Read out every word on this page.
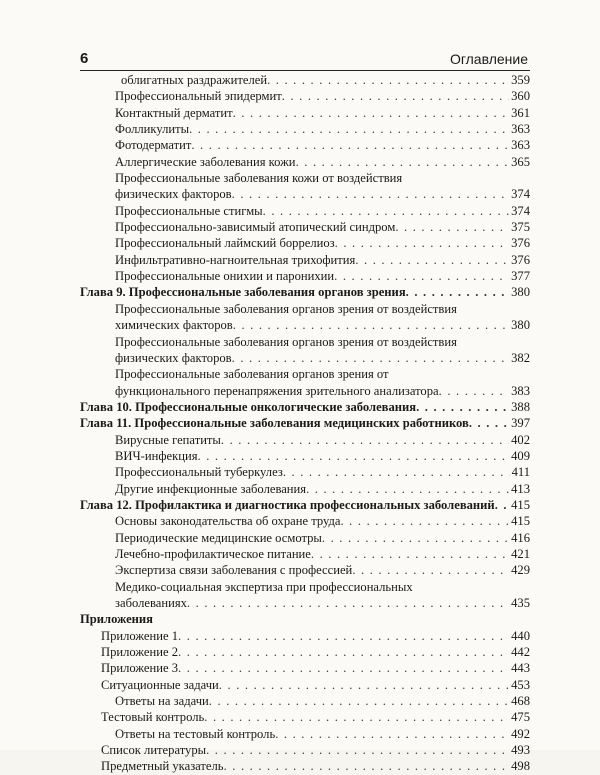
6	Оглавление
облигатных раздражителей . . .	359
Профессиональный эпидермит . . .	360
Контактный дерматит . . .	361
Фолликулиты . . .	363
Фотодерматит . . .	363
Аллергические заболевания кожи . . .	365
Профессиональные заболевания кожи от воздействия
физических факторов . . .	374
Профессиональные стигмы . . .	374
Профессионально-зависимый атопический синдром . . .	375
Профессиональный лаймский боррелиоз . . .	376
Инфильтративно-нагноительная трихофития . . .	376
Профессиональные онихии и паронихии . . .	377
Глава 9. Профессиональные заболевания органов зрения . . .	380
Профессиональные заболевания органов зрения от воздействия
химических факторов . . .	380
Профессиональные заболевания органов зрения от воздействия
физических факторов . . .	382
Профессиональные заболевания органов зрения от
функционального перенапряжения зрительного анализатора . . .	383
Глава 10. Профессиональные онкологические заболевания . . .	388
Глава 11. Профессиональные заболевания медицинских работников . . .	397
Вирусные гепатиты . . .	402
ВИЧ-инфекция . . .	409
Профессиональный туберкулез . . .	411
Другие инфекционные заболевания . . .	413
Глава 12. Профилактика и диагностика профессиональных заболеваний . . . 415
Основы законодательства об охране труда . . .	415
Периодические медицинские осмотры . . .	416
Лечебно-профилактическое питание . . .	421
Экспертиза связи заболевания с профессией . . .	429
Медико-социальная экспертиза при профессиональных
заболеваниях . . .	435
Приложения
Приложение 1 . . .	440
Приложение 2 . . .	442
Приложение 3 . . .	443
Ситуационные задачи . . .	453
Ответы на задачи . . .	468
Тестовый контроль . . .	475
Ответы на тестовый контроль . . .	492
Список литературы . . .	493
Предметный указатель . . .	498
